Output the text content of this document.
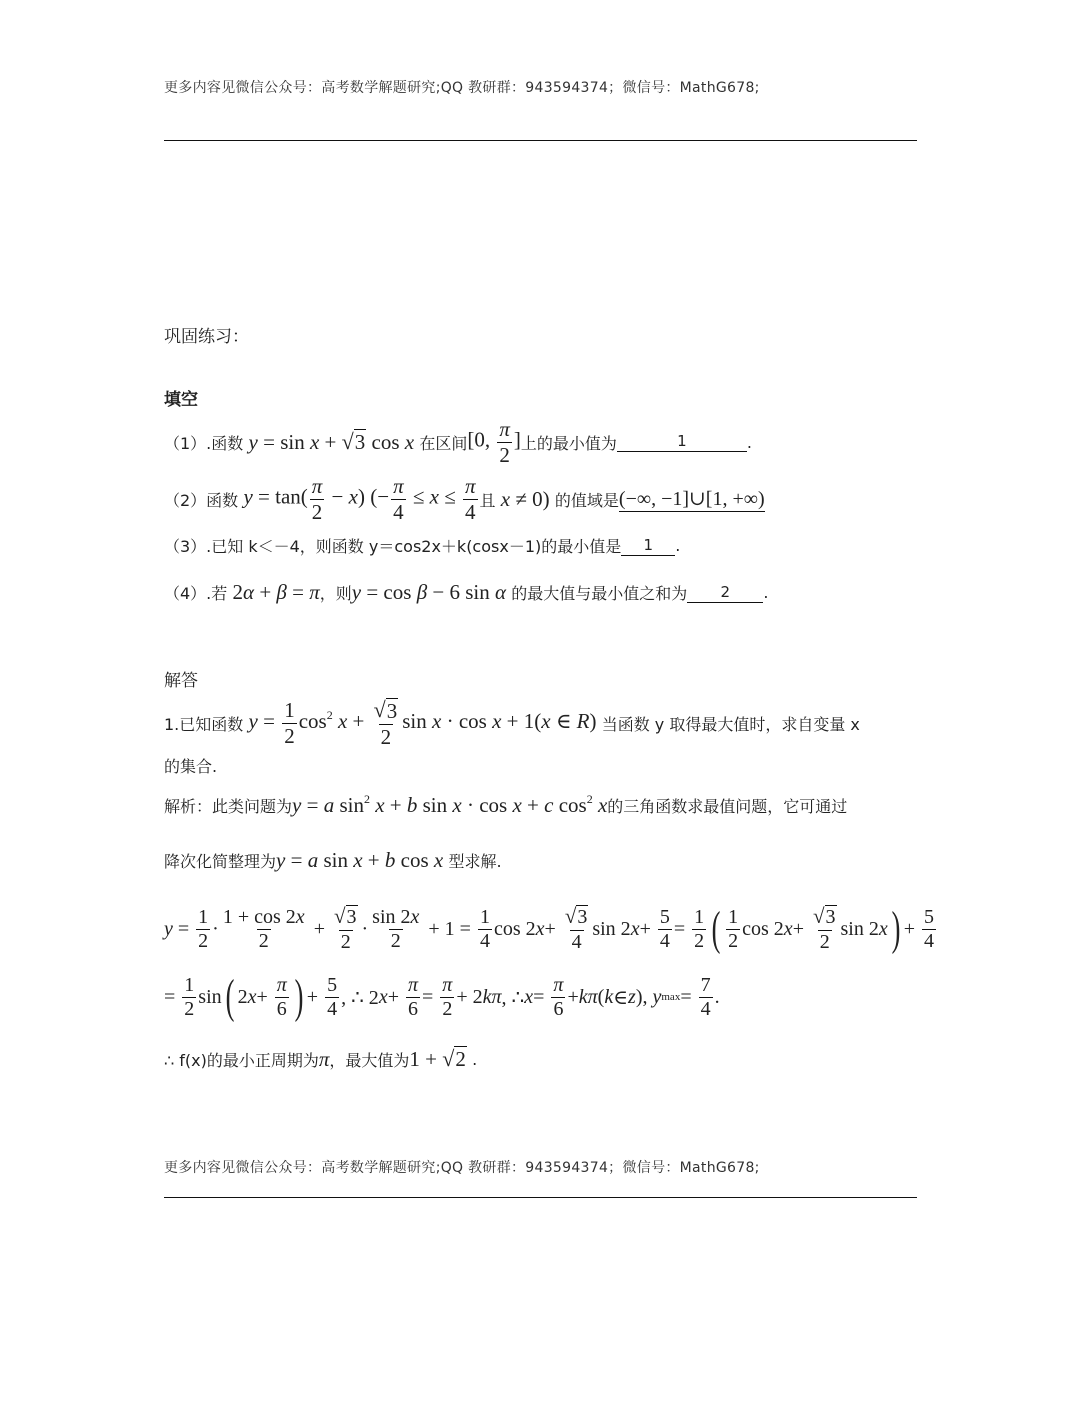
更多内容见微信公众号：高考数学解题研究;QQ 教研群：943594374；微信号：MathG678;
巩固练习：
填空
（1）.函数 y = sin x + √ 3 cos x 在区间 [0, $\frac{\pi}{2}$ ] 上的最小值为	1	.
（2）函数 $y = \tan( \frac{\pi}{2} - x)$ (− $\frac{\pi}{4} \le x \le \frac{\pi}{4}$ 且 x ≠ 0) 的值域是 (−∞, −1]∪[1, +∞)
（3）.已知 k＜－4，则函数 y＝cos2x＋k(cosx－1)的最小值是	1	.
（4）.若 2α + β = π ，则 y = cos β − 6 sin α 的最大值与最小值之和为	2	.
解答
1.已知函数 $y = \frac{1}{2} \cos^2 x + \frac{√ 3}{2}$ sin x · cos x + 1(x ∈ R) 当函数 y 取得最大值时，求自变量 x
的集合.
解析：此类问题为 y = a $\sin^2 x + b$ sin x · cos x + c $\cos^2 x$ 的三角函数求最值问题，它可通过
降次化简整理为 y = a sin x + b cos x 型求解.
$y = \frac{1}{2} \cdot \frac{1 + \cos 2x}{2} + \frac{√ 3}{2} \cdot \frac{\sin 2x}{2} + 1 = \frac{1}{4}$ cos 2 $x + \frac{√ 3}{4}$ sin 2 $x + \frac{5}{4} = \frac{1}{2}$ ( $\frac{1}{2}$ cos 2 $x + \frac{√ 3}{2}$ sin 2 x ) + $\frac{5}{4}$
= $\frac{1}{2}$ sin ( 2 $x + \frac{\pi}{6}$ ) + $\frac{5}{4}$ , ∴ 2 $x + \frac{\pi}{6} = \frac{\pi}{2} + 2$ kπ , ∴ $x = \frac{\pi}{6} + k\pi$ ( k ∈ z ), y $\max = \frac{7}{4}$ .
∴ f(x)的最小正周期为 π ，最大值为 1 + √ 2
.
更多内容见微信公众号：高考数学解题研究;QQ 教研群：943594374；微信号：MathG678;
